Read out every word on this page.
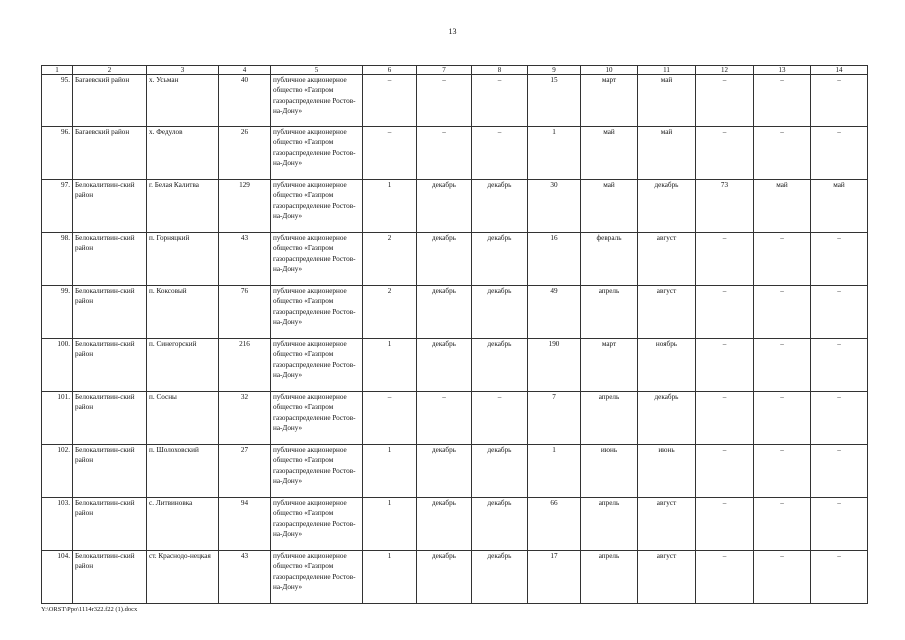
13
1	2	3	4	5	6	7	8	9	10	11	12	13	14
95.	Багаевский район	х. Усьман	40	публичное акционерное общество «Газпром газораспределение Ростов-на-Дону»	–	–	–	15	март	май	–	–	–
96.	Багаевский район	х. Федулов	26	публичное акционерное общество «Газпром газораспределение Ростов-на-Дону»	–	–	–	1	май	май	–	–	–
97.	Белокалитвин-ский район	г. Белая Калитва	129	публичное акционерное общество «Газпром газораспределение Ростов-на-Дону»	1	декабрь	декабрь	30	май	декабрь	73	май	май
98.	Белокалитвин-ский район	п. Горняцкий	43	публичное акционерное общество «Газпром газораспределение Ростов-на-Дону»	2	декабрь	декабрь	16	февраль	август	–	–	–
99.	Белокалитвин-ский район	п. Коксовый	76	публичное акционерное общество «Газпром газораспределение Ростов-на-Дону»	2	декабрь	декабрь	49	апрель	август	–	–	–
100.	Белокалитвин-ский район	п. Синегорский	216	публичное акционерное общество «Газпром газораспределение Ростов-на-Дону»	1	декабрь	декабрь	190	март	ноябрь	–	–	–
101.	Белокалитвин-ский район	п. Сосны	32	публичное акционерное общество «Газпром газораспределение Ростов-на-Дону»	–	–	–	7	апрель	декабрь	–	–	–
102.	Белокалитвин-ский район	п. Шолоховский	27	публичное акционерное общество «Газпром газораспределение Ростов-на-Дону»	1	декабрь	декабрь	1	июнь	июнь	–	–	–
103.	Белокалитвин-ский район	с. Литвиновка	94	публичное акционерное общество «Газпром газораспределение Ростов-на-Дону»	1	декабрь	декабрь	66	апрель	август	–	–	–
104.	Белокалитвин-ский район	ст. Краснодо-нецкая	43	публичное акционерное общество «Газпром газораспределение Ростов-на-Дону»	1	декабрь	декабрь	17	апрель	август	–	–	–
Y:\ORST\Ppo\1114r322.f22 (1).docx
